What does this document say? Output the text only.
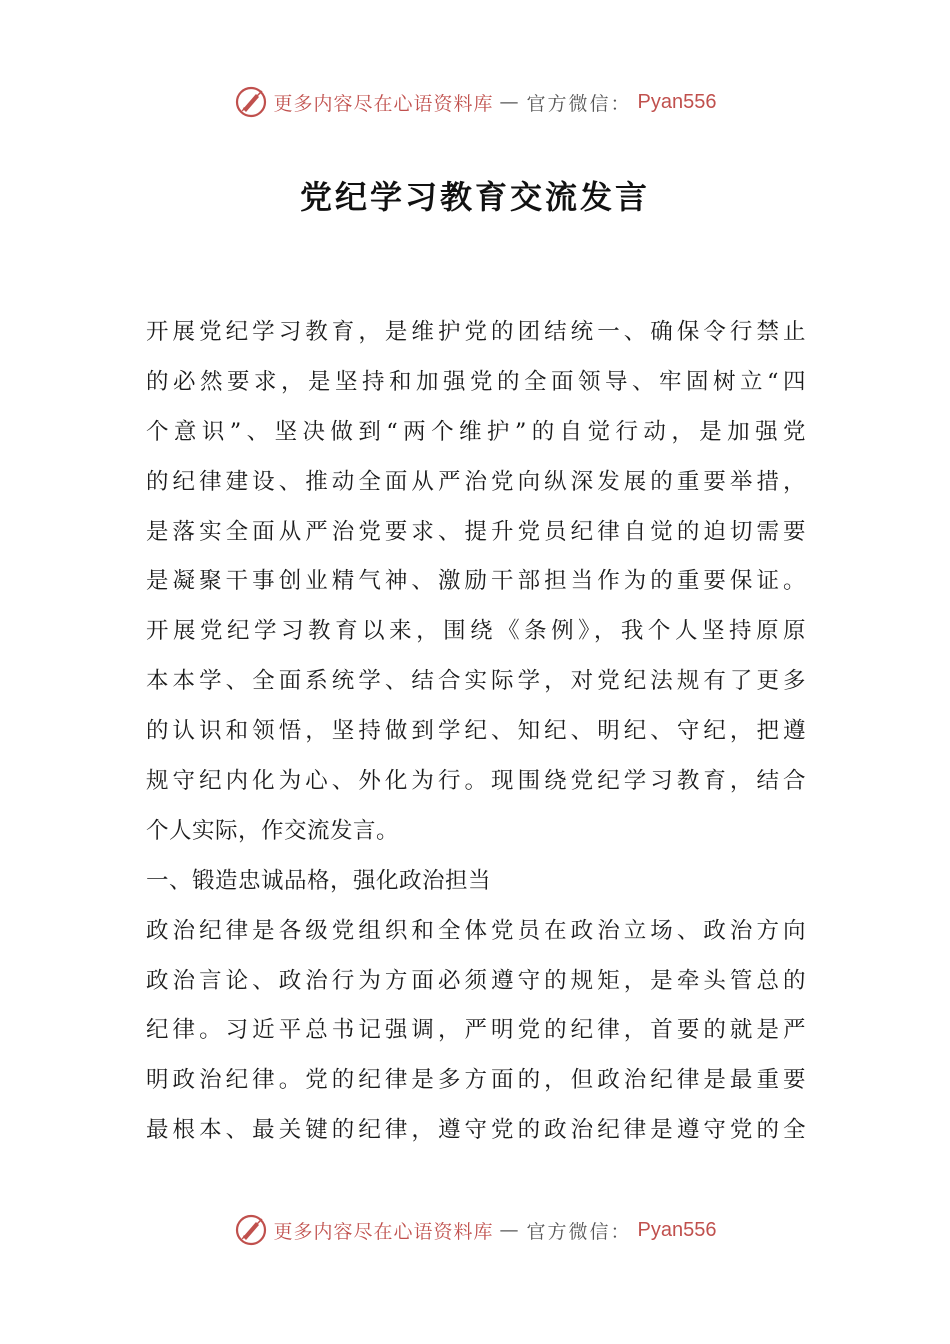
更多内容尽在心语资料库 — 官方微信： Pyan556
党纪学习教育交流发言
开展党纪学习教育，是维护党的团结统一、确保令行禁止
的必然要求，是坚持和加强党的全面领导、牢固树立“四
个意识”、坚决做到“两个维护”的自觉行动，是加强党
的纪律建设、推动全面从严治党向纵深发展的重要举措，
是落实全面从严治党要求、提升党员纪律自觉的迫切需要
是凝聚干事创业精气神、激励干部担当作为的重要保证。
开展党纪学习教育以来，围绕《条例》，我个人坚持原原
本本学、全面系统学、结合实际学，对党纪法规有了更多
的认识和领悟，坚持做到学纪、知纪、明纪、守纪，把遵
规守纪内化为心、外化为行。现围绕党纪学习教育，结合
个人实际，作交流发言。
一、锻造忠诚品格，强化政治担当
政治纪律是各级党组织和全体党员在政治立场、政治方向
政治言论、政治行为方面必须遵守的规矩，是牵头管总的
纪律。习近平总书记强调，严明党的纪律，首要的就是严
明政治纪律。党的纪律是多方面的，但政治纪律是最重要
最根本、最关键的纪律，遵守党的政治纪律是遵守党的全
更多内容尽在心语资料库 — 官方微信： Pyan556
